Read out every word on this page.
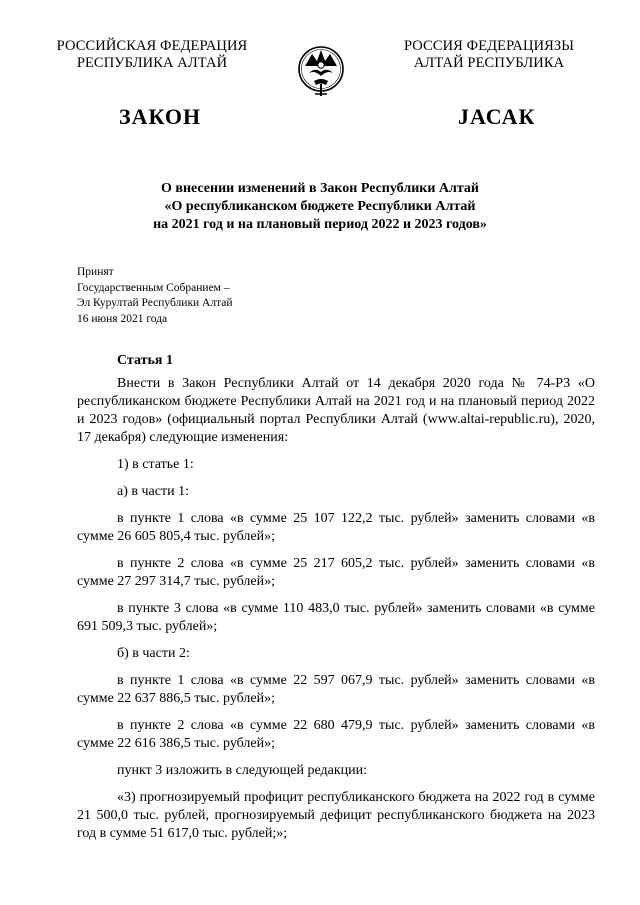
РОССИЙСКАЯ ФЕДЕРАЦИЯ
РЕСПУБЛИКА АЛТАЙ
РОССИЯ ФЕДЕРАЦИЯЗЫ
АЛТАЙ РЕСПУБЛИКА
ЗАКОН	JАСАК
О внесении изменений в Закон Республики Алтай
«О республиканском бюджете Республики Алтай
на 2021 год и на плановый период 2022 и 2023 годов»
Принят
Государственным Собранием –
Эл Курултай Республики Алтай
16 июня 2021 года
Статья 1

Внести в Закон Республики Алтай от 14 декабря 2020 года № 74-РЗ «О республиканском бюджете Республики Алтай на 2021 год и на плановый период 2022 и 2023 годов» (официальный портал Республики Алтай (www.altai-republic.ru), 2020, 17 декабря) следующие изменения:

1) в статье 1:

а) в части 1:

в пункте 1 слова «в сумме 25 107 122,2 тыс. рублей» заменить словами «в сумме 26 605 805,4 тыс. рублей»;

в пункте 2 слова «в сумме 25 217 605,2 тыс. рублей» заменить словами «в сумме 27 297 314,7 тыс. рублей»;

в пункте 3 слова «в сумме 110 483,0 тыс. рублей» заменить словами «в сумме 691 509,3 тыс. рублей»;

б) в части 2:

в пункте 1 слова «в сумме 22 597 067,9 тыс. рублей» заменить словами «в сумме 22 637 886,5 тыс. рублей»;

в пункте 2 слова «в сумме 22 680 479,9 тыс. рублей» заменить словами «в сумме 22 616 386,5 тыс. рублей»;

пункт 3 изложить в следующей редакции:

«3) прогнозируемый профицит республиканского бюджета на 2022 год в сумме 21 500,0 тыс. рублей, прогнозируемый дефицит республиканского бюджета на 2023 год в сумме 51 617,0 тыс. рублей;»;
